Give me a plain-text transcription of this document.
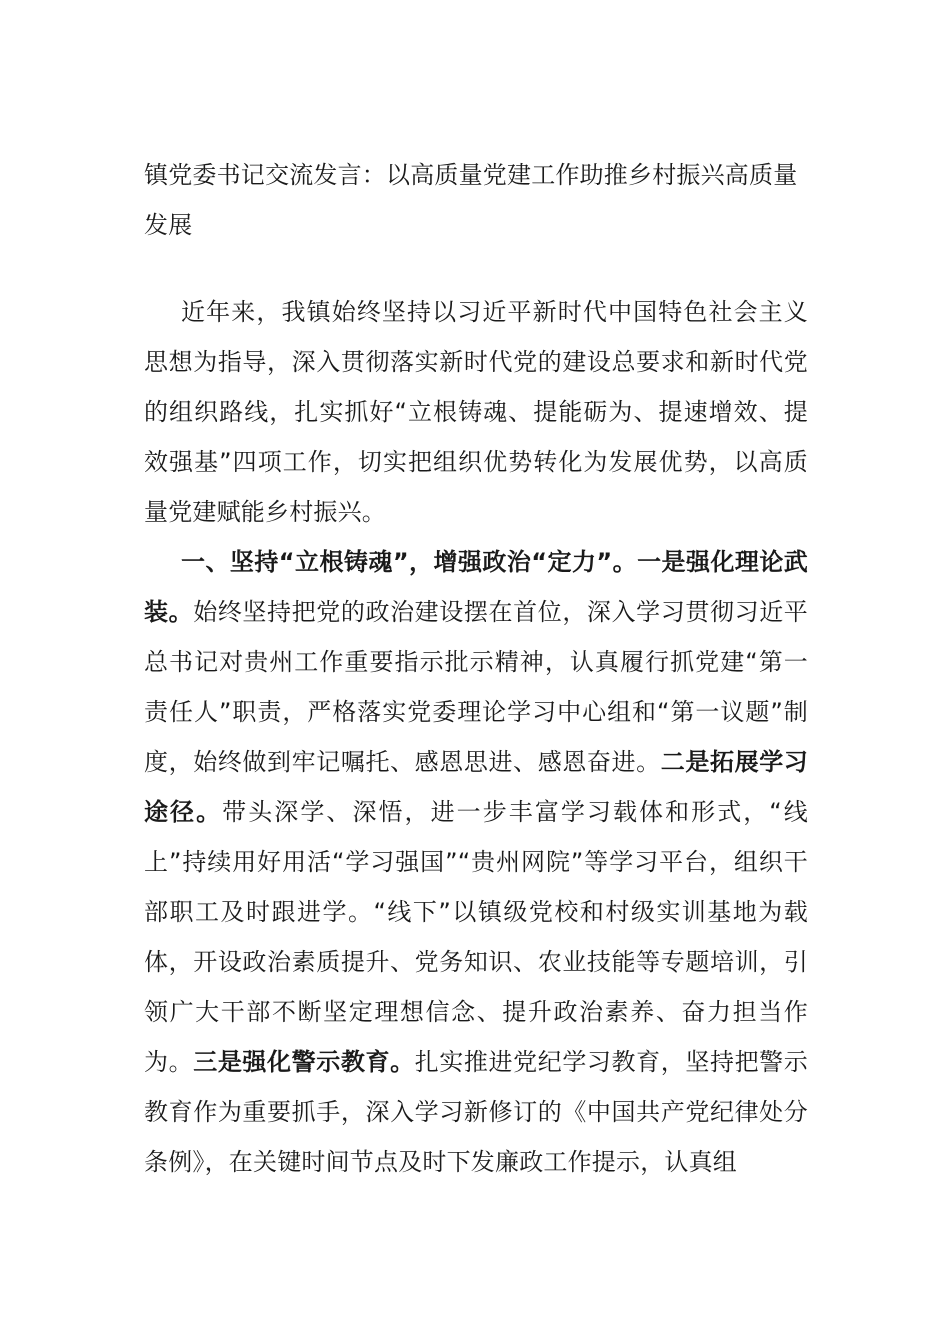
镇党委书记交流发言：以高质量党建工作助推乡村振兴高质量发展

近年来，我镇始终坚持以习近平新时代中国特色社会主义思想为指导，深入贯彻落实新时代党的建设总要求和新时代党的组织路线，扎实抓好“立根铸魂、提能砺为、提速增效、提效强基”四项工作，切实把组织优势转化为发展优势，以高质量党建赋能乡村振兴。

一、坚持“立根铸魂”，增强政治“定力”。一是强化理论武装。始终坚持把党的政治建设摆在首位，深入学习贯彻习近平总书记对贵州工作重要指示批示精神，认真履行抓党建“第一责任人”职责，严格落实党委理论学习中心组和“第一议题”制度，始终做到牢记嘱托、感恩思进、感恩奋进。二是拓展学习途径。带头深学、深悟，进一步丰富学习载体和形式，“线上”持续用好用活“学习强国”“贵州网院”等学习平台，组织干部职工及时跟进学。“线下”以镇级党校和村级实训基地为载体，开设政治素质提升、党务知识、农业技能等专题培训，引领广大干部不断坚定理想信念、提升政治素养、奋力担当作为。三是强化警示教育。扎实推进党纪学习教育，坚持把警示教育作为重要抓手，深入学习新修订的《中国共产党纪律处分条例》，在关键时间节点及时下发廉政工作提示，认真组
